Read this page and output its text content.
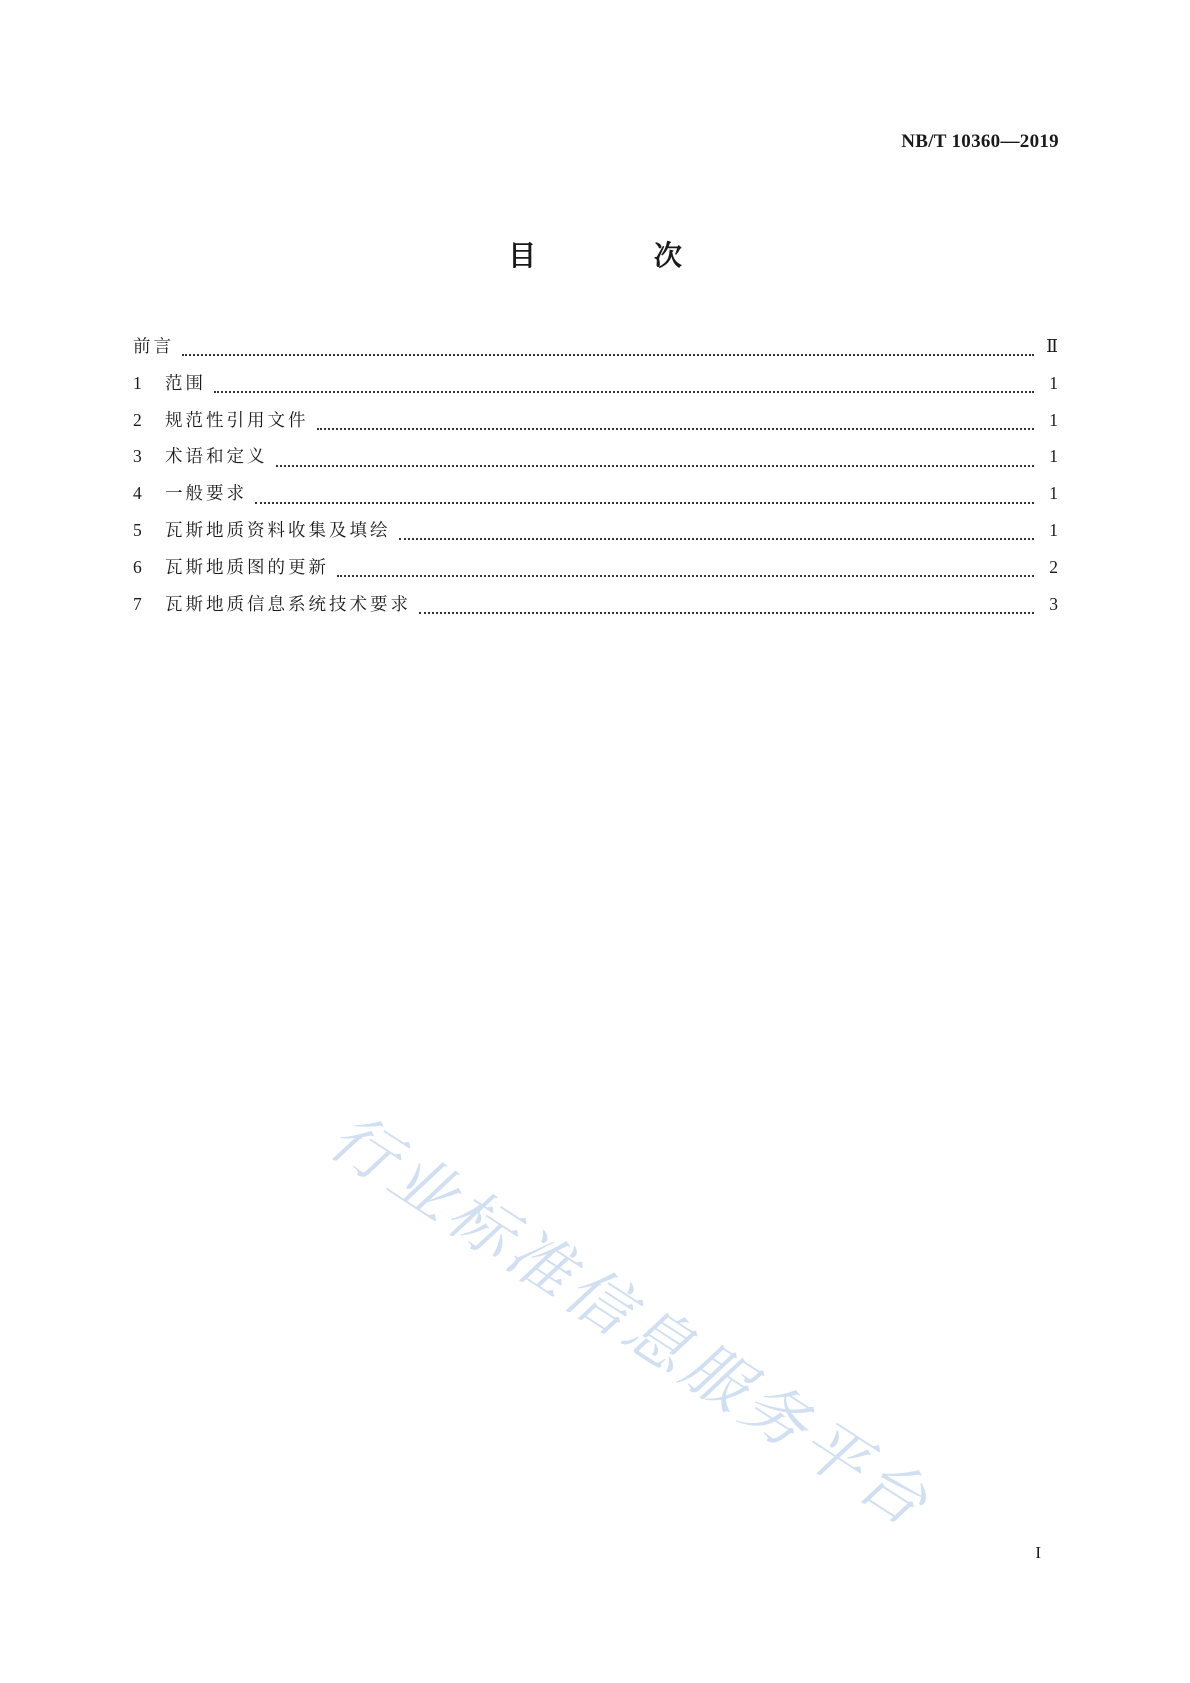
NB/T 10360—2019
目 次
前言	Ⅱ
1	范围	1
2	规范性引用文件	1
3	术语和定义	1
4	一般要求	1
5	瓦斯地质资料收集及填绘	1
6	瓦斯地质图的更新	2
7	瓦斯地质信息系统技术要求	3
行业标准信息服务平台
I
